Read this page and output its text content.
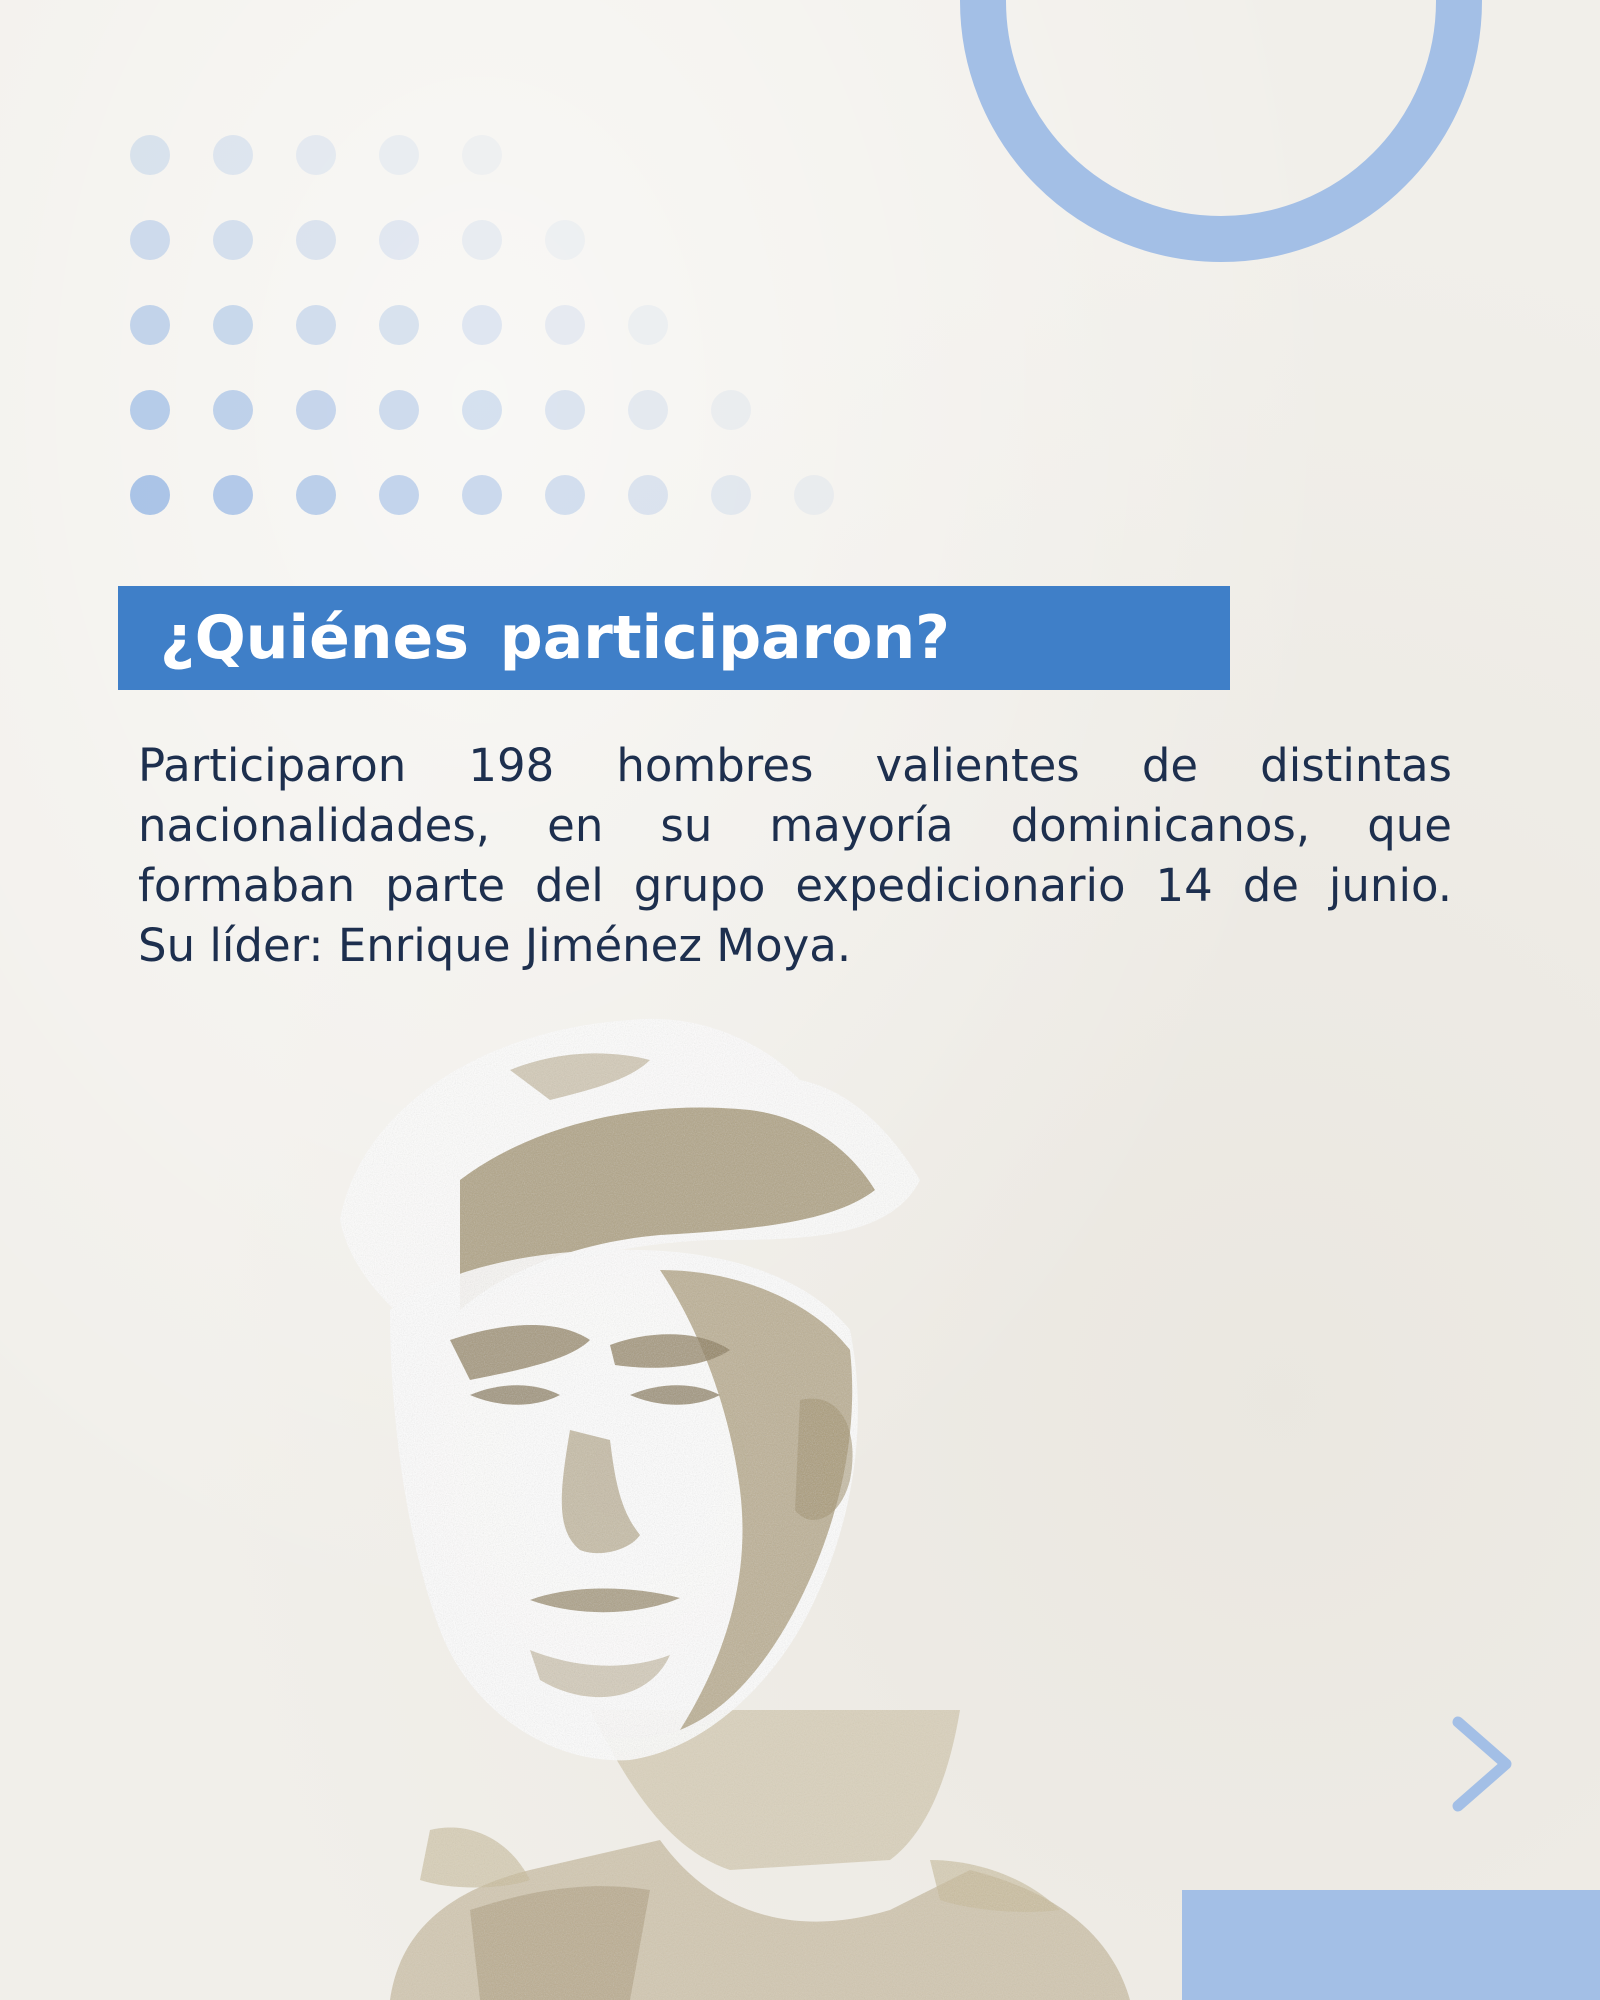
¿Quiénes participaron?
Participaron 198 hombres valientes de distintas
nacionalidades, en su mayoría dominicanos, que
formaban parte del grupo expedicionario 14 de junio.
Su líder: Enrique Jiménez Moya.
